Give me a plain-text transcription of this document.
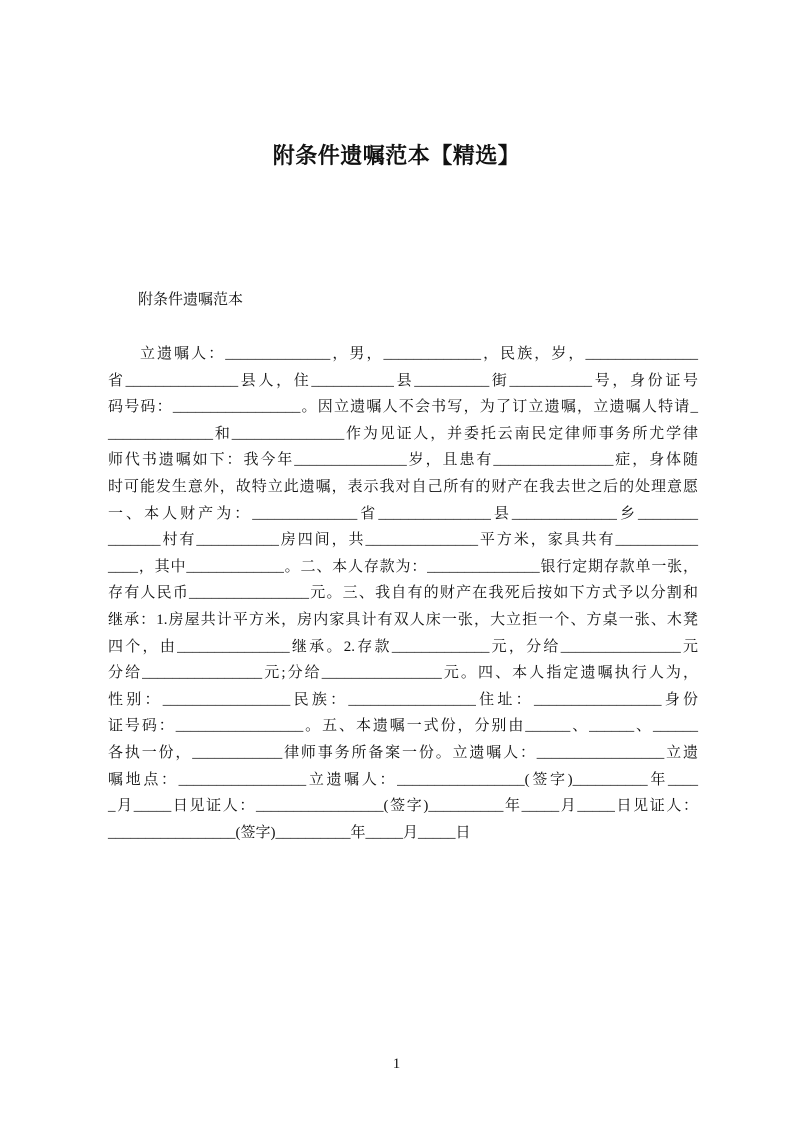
附条件遗嘱范本【精选】
附条件遗嘱范本
立遗嘱人：______________，男，_____________，民族，岁，_______________
省_______________县人，住___________县__________街___________号，身份证号
码号码：_________________。因立遗嘱人不会书写，为了订立遗嘱，立遗嘱人特请_
______________和_______________作为见证人，并委托云南民定律师事务所尤学律
师代书遗嘱如下：我今年_______________岁，且患有________________症，身体随
时可能发生意外，故特立此遗嘱，表示我对自己所有的财产在我去世之后的处理意愿
一、本人财产为：______________省_______________县______________乡________
_______村有___________房四间，共_______________平方米，家具共有___________
____，其中_____________。二、本人存款为：_______________银行定期存款单一张，
存有人民币________________元。三、我自有的财产在我死后按如下方式予以分割和
继承：1.房屋共计平方米，房内家具计有双人床一张，大立拒一个、方桌一张、木凳
四个，由_______________继承。2.存款_____________元，分给________________元
分给________________元;分给________________元。四、本人指定遗嘱执行人为，
性别：_________________民族：_________________住址：_________________身份
证号码：_________________。五、本遗嘱一式份，分别由______、______、______
各执一份，____________律师事务所备案一份。立遗嘱人：_________________立遗
嘱地点：_________________立遗嘱人：_________________(签字)__________年____
_月_____日见证人：_________________(签字)__________年_____月_____日见证人：
_________________(签字)__________年_____月_____日
1
